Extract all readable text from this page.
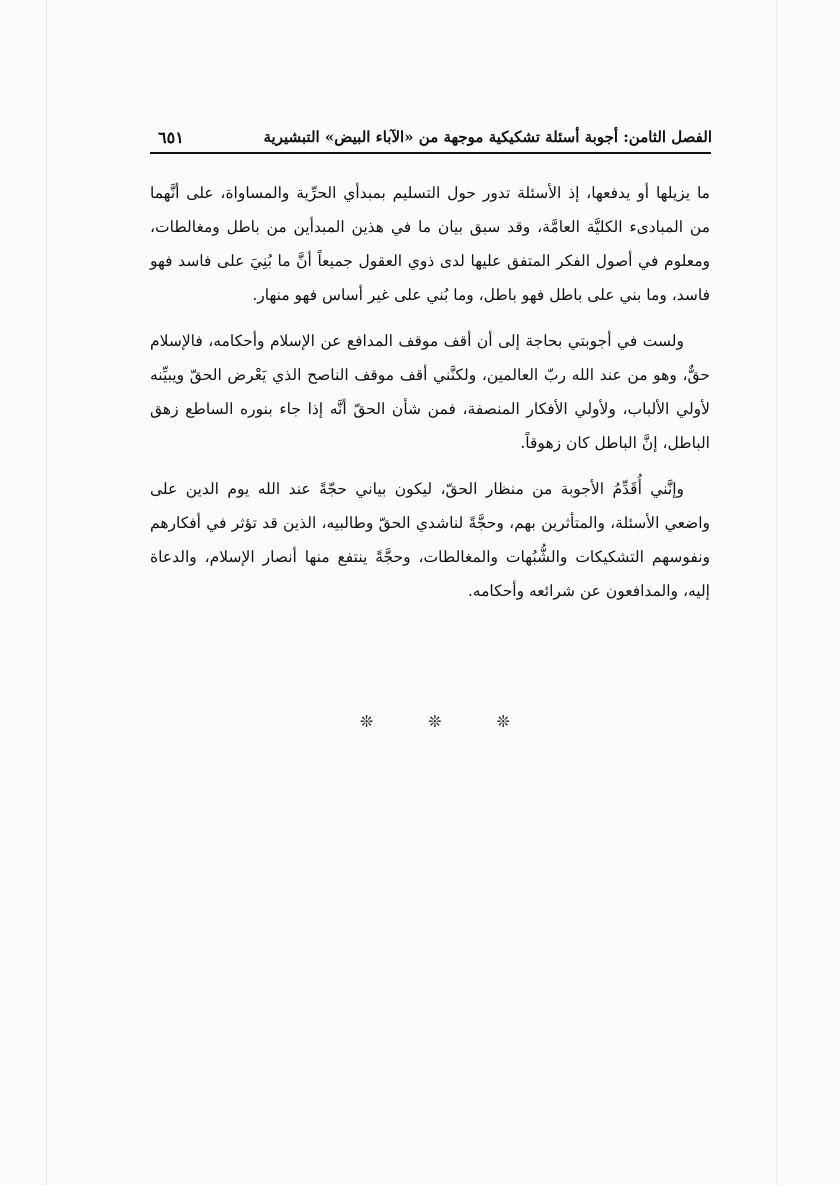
الفصل الثامن: أجوبة أسئلة تشكيكية موجهة من «الآباء البيض» التبشيرية
٦٥١

ما يزيلها أو يدفعها، إذ الأسئلة تدور حول التسليم بمبدأي الحرِّية والمساواة، على أنَّهما من المبادىء الكليَّة العامَّة، وقد سبق بيان ما في هذين المبدأين من باطل ومغالطات، ومعلوم في أصول الفكر المتفق عليها لدى ذوي العقول جميعاً أنَّ ما بُنِيَ على فاسد فهو فاسد، وما بني على باطل فهو باطل، وما بُني على غير أساس فهو منهار.

ولست في أجوبتي بحاجة إلى أن أقف موقف المدافع عن الإسلام وأحكامه، فالإسلام حقٌّ، وهو من عند الله ربّ العالمين، ولكنَّني أقف موقف الناصح الذي يَعْرض الحقّ ويبيِّنه لأولي الألباب، ولأولي الأفكار المنصفة، فمن شأن الحقّ أنَّه إذا جاء بنوره الساطع زهق الباطل، إنَّ الباطل كان زهوقاً.

وإنَّني أُقَدِّمُ الأجوبة من منظار الحقّ، ليكون بياني حجّةً عند الله يوم الدين على واضعي الأسئلة، والمتأثرين بهم، وحجَّةً لناشدي الحقّ وطالبيه، الذين قد تؤثر في أفكارهم ونفوسهم التشكيكات والشُّبُهات والمغالطات، وحجَّةً ينتفع منها أنصار الإسلام، والدعاة إليه، والمدافعون عن شرائعه وأحكامه.

❊	❊	❊
